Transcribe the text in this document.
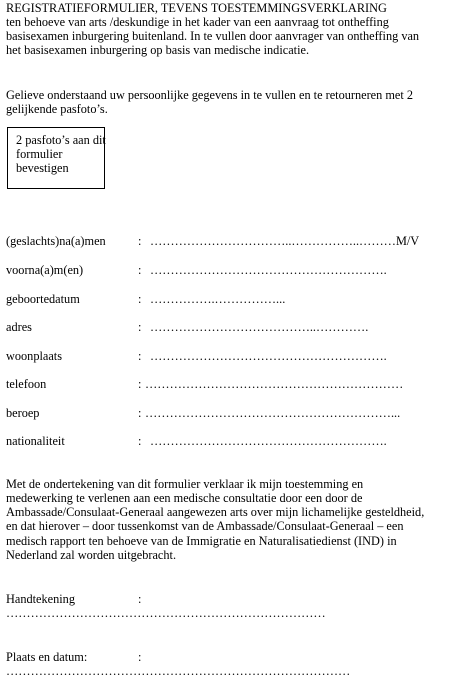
REGISTRATIEFORMULIER, TEVENS TOESTEMMINGSVERKLARING
ten behoeve van arts /deskundige in het kader van een aanvraag tot ontheffing
basisexamen inburgering buitenland. In te vullen door aanvrager van ontheffing van
het basisexamen inburgering op basis van medische indicatie.
Gelieve onderstaand uw persoonlijke gegevens in te vullen en te retourneren met 2
gelijkende pasfoto’s.
2 pasfoto’s aan dit
formulier
bevestigen
(geslachts)na(a)men	: ……………………………..……………..………M/V
voorna(a)m(en)	: ………………………………………………….
geboortedatum	: …………….……………...
adres	: …………………………………..………….
woonplaats	: ………………………………………………….
telefoon	: ………………………………………………………
beroep	: ……………………………………………………...
nationaliteit	: ………………………………………………….
Met de ondertekening van dit formulier verklaar ik mijn toestemming en
medewerking te verlenen aan een medische consultatie door een door de
Ambassade/Consulaat-Generaal aangewezen arts over mijn lichamelijke gesteldheid,
en dat hierover – door tussenkomst van de Ambassade/Consulaat-Generaal – een
medisch rapport ten behoeve van de Immigratie en Naturalisatiedienst (IND) in
Nederland zal worden uitgebracht.
Handtekening	:
……………………………………………………………………
Plaats en datum:	:
…………………………………………………………………………
